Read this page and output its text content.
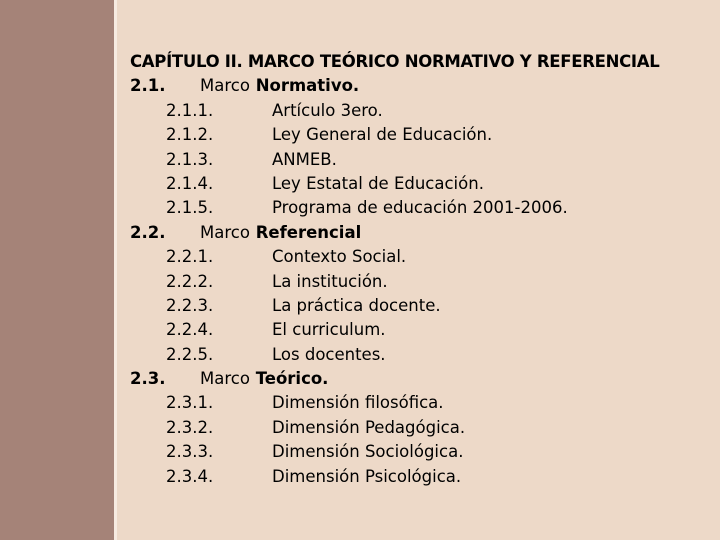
CAPÍTULO II. MARCO TEÓRICO NORMATIVO Y REFERENCIAL
2.1. Marco Normativo.
2.1.1.	Artículo 3ero.
2.1.2.	Ley General de Educación.
2.1.3.	ANMEB.
2.1.4.	Ley Estatal de Educación.
2.1.5.	Programa de educación 2001-2006.
2.2. Marco Referencial
2.2.1.	Contexto Social.
2.2.2.	La institución.
2.2.3.	La práctica docente.
2.2.4.	El curriculum.
2.2.5.	Los docentes.
2.3. Marco Teórico.
2.3.1.	Dimensión filosófica.
2.3.2.	Dimensión Pedagógica.
2.3.3.	Dimensión Sociológica.
2.3.4.	Dimensión Psicológica.
